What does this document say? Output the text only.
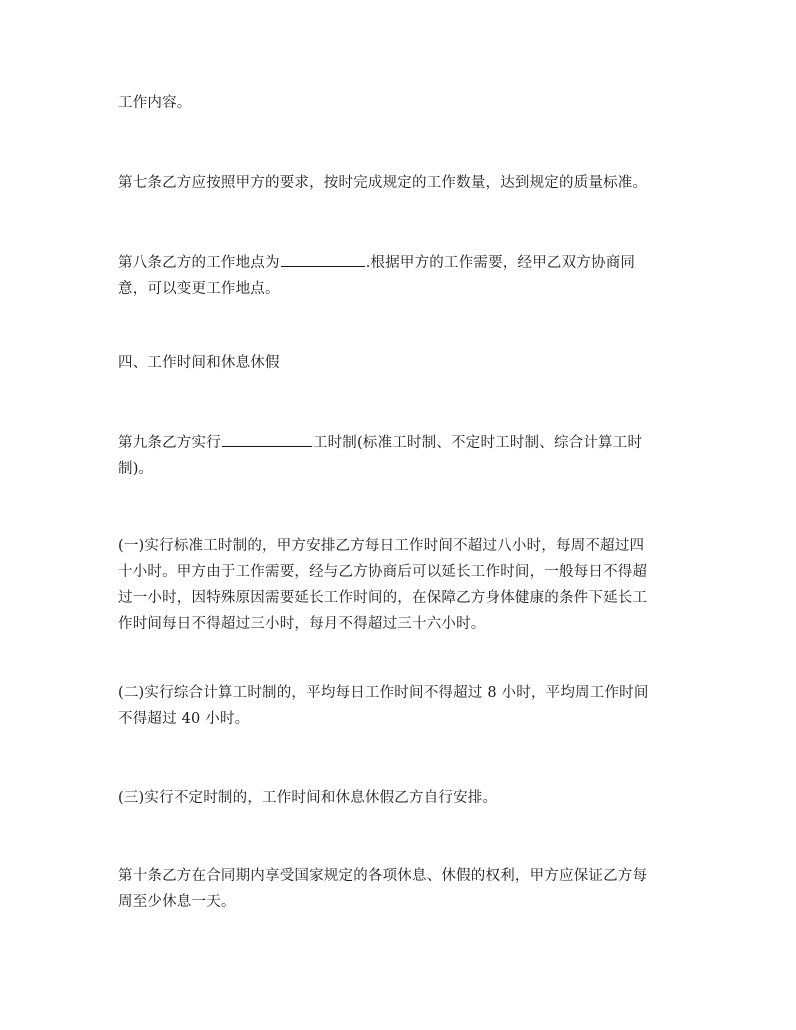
工作内容。

第七条乙方应按照甲方的要求，按时完成规定的工作数量，达到规定的质量标准。

第八条乙方的工作地点为	.根据甲方的工作需要，经甲乙双方协商同
意，可以变更工作地点。

四、工作时间和休息休假

第九条乙方实行	工时制(标准工时制、不定时工时制、综合计算工时
制)。

(一)实行标准工时制的，甲方安排乙方每日工作时间不超过八小时，每周不超过四
十小时。甲方由于工作需要，经与乙方协商后可以延长工作时间，一般每日不得超
过一小时，因特殊原因需要延长工作时间的，在保障乙方身体健康的条件下延长工
作时间每日不得超过三小时，每月不得超过三十六小时。

(二)实行综合计算工时制的，平均每日工作时间不得超过 8 小时，平均周工作时间
不得超过 40 小时。

(三)实行不定时制的，工作时间和休息休假乙方自行安排。

第十条乙方在合同期内享受国家规定的各项休息、休假的权利，甲方应保证乙方每
周至少休息一天。
